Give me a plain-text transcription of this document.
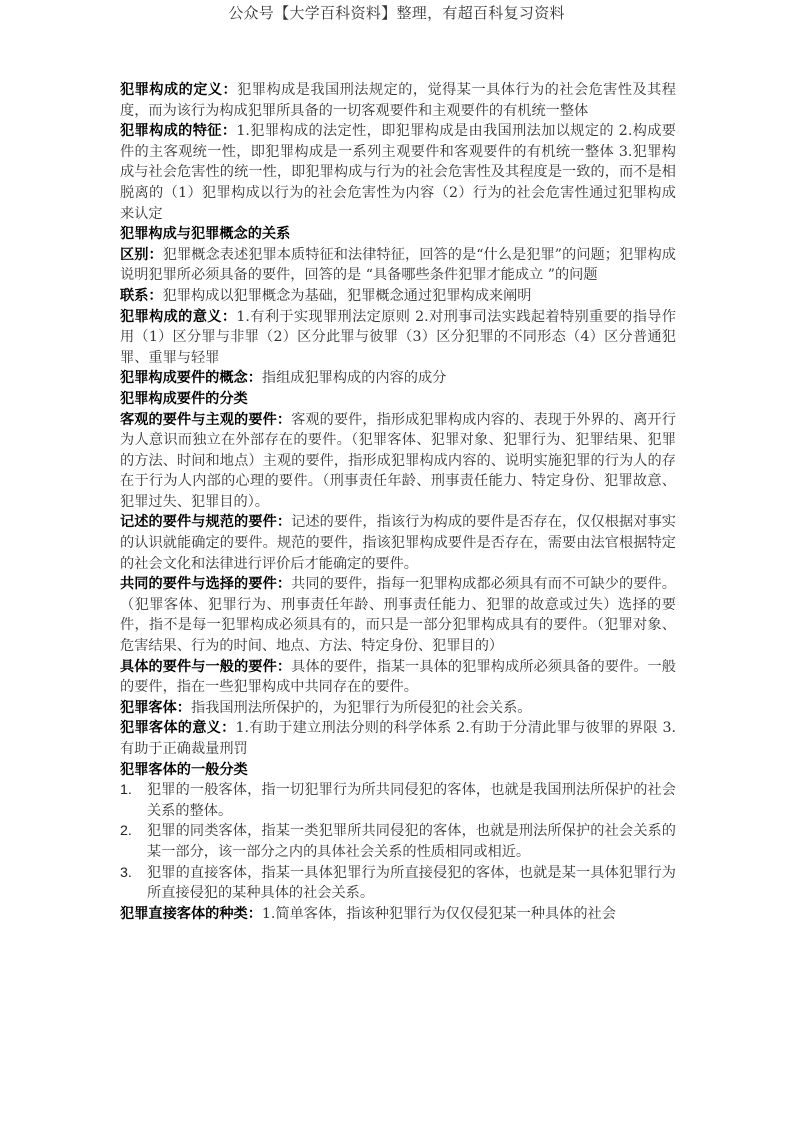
公众号【大学百科资料】整理，有超百科复习资料

犯罪构成的定义：犯罪构成是我国刑法规定的，觉得某一具体行为的社会危害性及其程度，而为该行为构成犯罪所具备的一切客观要件和主观要件的有机统一整体

犯罪构成的特征：1.犯罪构成的法定性，即犯罪构成是由我国刑法加以规定的 2.构成要件的主客观统一性，即犯罪构成是一系列主观要件和客观要件的有机统一整体 3.犯罪构成与社会危害性的统一性，即犯罪构成与行为的社会危害性及其程度是一致的，而不是相脱离的（1）犯罪构成以行为的社会危害性为内容（2）行为的社会危害性通过犯罪构成来认定

犯罪构成与犯罪概念的关系

区别：犯罪概念表述犯罪本质特征和法律特征，回答的是“什么是犯罪”的问题；犯罪构成说明犯罪所必须具备的要件，回答的是 “具备哪些条件犯罪才能成立 ”的问题

联系：犯罪构成以犯罪概念为基础，犯罪概念通过犯罪构成来阐明

犯罪构成的意义：1.有利于实现罪刑法定原则 2.对刑事司法实践起着特别重要的指导作用（1）区分罪与非罪（2）区分此罪与彼罪（3）区分犯罪的不同形态（4）区分普通犯罪、重罪与轻罪

犯罪构成要件的概念：指组成犯罪构成的内容的成分

犯罪构成要件的分类

客观的要件与主观的要件：客观的要件，指形成犯罪构成内容的、表现于外界的、离开行为人意识而独立在外部存在的要件。（犯罪客体、犯罪对象、犯罪行为、犯罪结果、犯罪的方法、时间和地点）主观的要件，指形成犯罪构成内容的、说明实施犯罪的行为人的存在于行为人内部的心理的要件。（刑事责任年龄、刑事责任能力、特定身份、犯罪故意、犯罪过失、犯罪目的）。

记述的要件与规范的要件：记述的要件，指该行为构成的要件是否存在，仅仅根据对事实的认识就能确定的要件。规范的要件，指该犯罪构成要件是否存在，需要由法官根据特定的社会文化和法律进行评价后才能确定的要件。

共同的要件与选择的要件：共同的要件，指每一犯罪构成都必须具有而不可缺少的要件。（犯罪客体、犯罪行为、刑事责任年龄、刑事责任能力、犯罪的故意或过失）选择的要件，指不是每一犯罪构成必须具有的，而只是一部分犯罪构成具有的要件。（犯罪对象、危害结果、行为的时间、地点、方法、特定身份、犯罪目的）

具体的要件与一般的要件：具体的要件，指某一具体的犯罪构成所必须具备的要件。一般的要件，指在一些犯罪构成中共同存在的要件。

犯罪客体：指我国刑法所保护的，为犯罪行为所侵犯的社会关系。

犯罪客体的意义：1.有助于建立刑法分则的科学体系 2.有助于分清此罪与彼罪的界限 3.有助于正确裁量刑罚

犯罪客体的一般分类

1. 犯罪的一般客体，指一切犯罪行为所共同侵犯的客体，也就是我国刑法所保护的社会关系的整体。
2. 犯罪的同类客体，指某一类犯罪所共同侵犯的客体，也就是刑法所保护的社会关系的某一部分，该一部分之内的具体社会关系的性质相同或相近。
3. 犯罪的直接客体，指某一具体犯罪行为所直接侵犯的客体，也就是某一具体犯罪行为所直接侵犯的某种具体的社会关系。

犯罪直接客体的种类：1.简单客体，指该种犯罪行为仅仅侵犯某一种具体的社会
